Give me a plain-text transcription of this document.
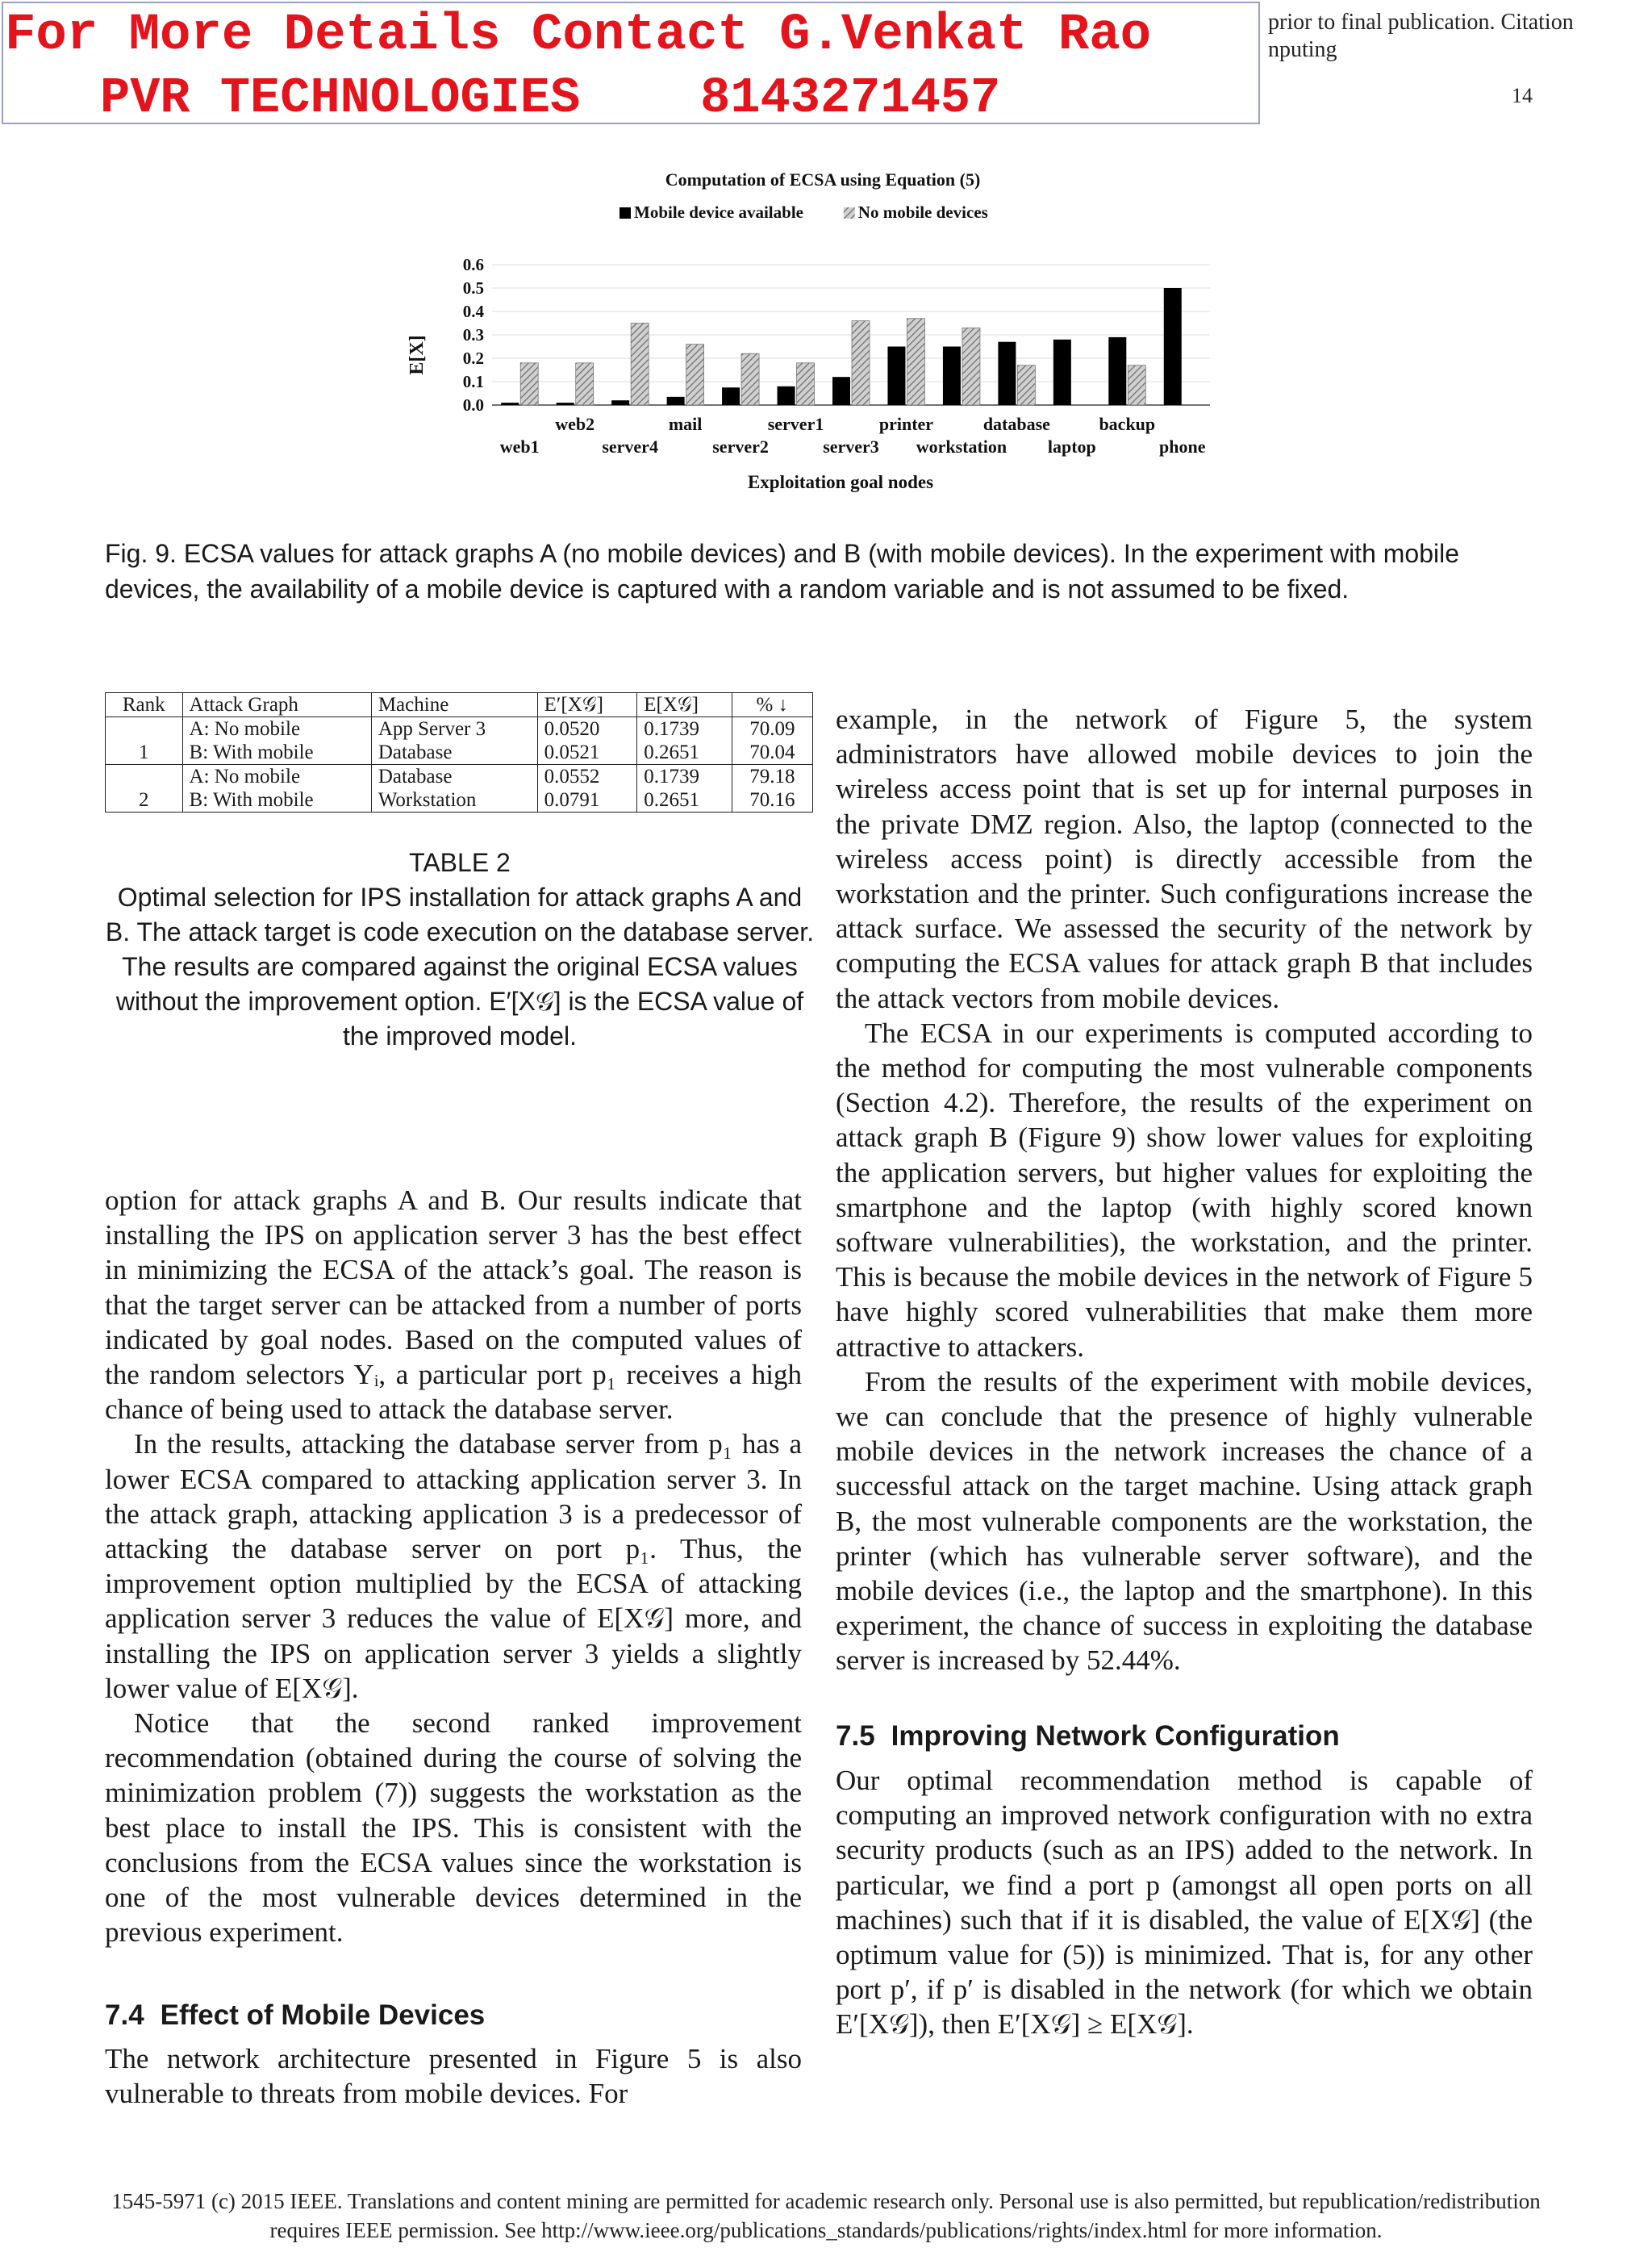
For More Details Contact G.Venkat Rao
PVR TECHNOLOGIES    8143271457
prior to final publication. Citation
nputing
14
Computation of ECSA using Equation (5)
Mobile device available	No mobile devices
0.0
0.1
0.2
0.3
0.4
0.5
0.6
web1
web2
server4
mail
server2
server1
server3
printer
workstation
database
laptop
backup
phone
E[X]
Exploitation goal nodes
Fig. 9. ECSA values for attack graphs A (no mobile devices) and B (with mobile devices). In the experiment with mobile devices, the availability of a mobile device is captured with a random variable and is not assumed to be fixed.
Rank	Attack Graph	Machine	E′[X𝒢]	E[X𝒢]	% ↓
	A: No mobile	App Server 3	0.0520	0.1739	70.09
1	B: With mobile	Database	0.0521	0.2651	70.04
	A: No mobile	Database	0.0552	0.1739	79.18
2	B: With mobile	Workstation	0.0791	0.2651	70.16
TABLE 2
Optimal selection for IPS installation for attack graphs A and B. The attack target is code execution on the database server. The results are compared against the original ECSA values without the improvement option. E′[X𝒢] is the ECSA value of the improved model.

option for attack graphs A and B. Our results indicate that installing the IPS on application server 3 has the best effect in minimizing the ECSA of the attack’s goal. The reason is that the target server can be attacked from a number of ports indicated by goal nodes. Based on the computed values of the random selectors Yᵢ, a particular port p₁ receives a high chance of being used to attack the database server.

In the results, attacking the database server from p₁ has a lower ECSA compared to attacking application server 3. In the attack graph, attacking application 3 is a predecessor of attacking the database server on port p₁. Thus, the improvement option multiplied by the ECSA of attacking application server 3 reduces the value of E[X𝒢] more, and installing the IPS on application server 3 yields a slightly lower value of E[X𝒢].

Notice that the second ranked improvement recommendation (obtained during the course of solving the minimization problem (7)) suggests the workstation as the best place to install the IPS. This is consistent with the conclusions from the ECSA values since the workstation is one of the most vulnerable devices determined in the previous experiment.

7.4 Effect of Mobile Devices

The network architecture presented in Figure 5 is also vulnerable to threats from mobile devices. For

example, in the network of Figure 5, the system administrators have allowed mobile devices to join the wireless access point that is set up for internal purposes in the private DMZ region. Also, the laptop (connected to the wireless access point) is directly accessible from the workstation and the printer. Such configurations increase the attack surface. We assessed the security of the network by computing the ECSA values for attack graph B that includes the attack vectors from mobile devices.

The ECSA in our experiments is computed according to the method for computing the most vulnerable components (Section 4.2). Therefore, the results of the experiment on attack graph B (Figure 9) show lower values for exploiting the application servers, but higher values for exploiting the smartphone and the laptop (with highly scored known software vulnerabilities), the workstation, and the printer. This is because the mobile devices in the network of Figure 5 have highly scored vulnerabilities that make them more attractive to attackers.

From the results of the experiment with mobile devices, we can conclude that the presence of highly vulnerable mobile devices in the network increases the chance of a successful attack on the target machine. Using attack graph B, the most vulnerable components are the workstation, the printer (which has vulnerable server software), and the mobile devices (i.e., the laptop and the smartphone). In this experiment, the chance of success in exploiting the database server is increased by 52.44%.

7.5 Improving Network Configuration

Our optimal recommendation method is capable of computing an improved network configuration with no extra security products (such as an IPS) added to the network. In particular, we find a port p (amongst all open ports on all machines) such that if it is disabled, the value of E[X𝒢] (the optimum value for (5)) is minimized. That is, for any other port p′, if p′ is disabled in the network (for which we obtain E′[X𝒢]), then E′[X𝒢] ≥ E[X𝒢].

1545-5971 (c) 2015 IEEE. Translations and content mining are permitted for academic research only. Personal use is also permitted, but republication/redistribution
requires IEEE permission. See http://www.ieee.org/publications_standards/publications/rights/index.html for more information.
